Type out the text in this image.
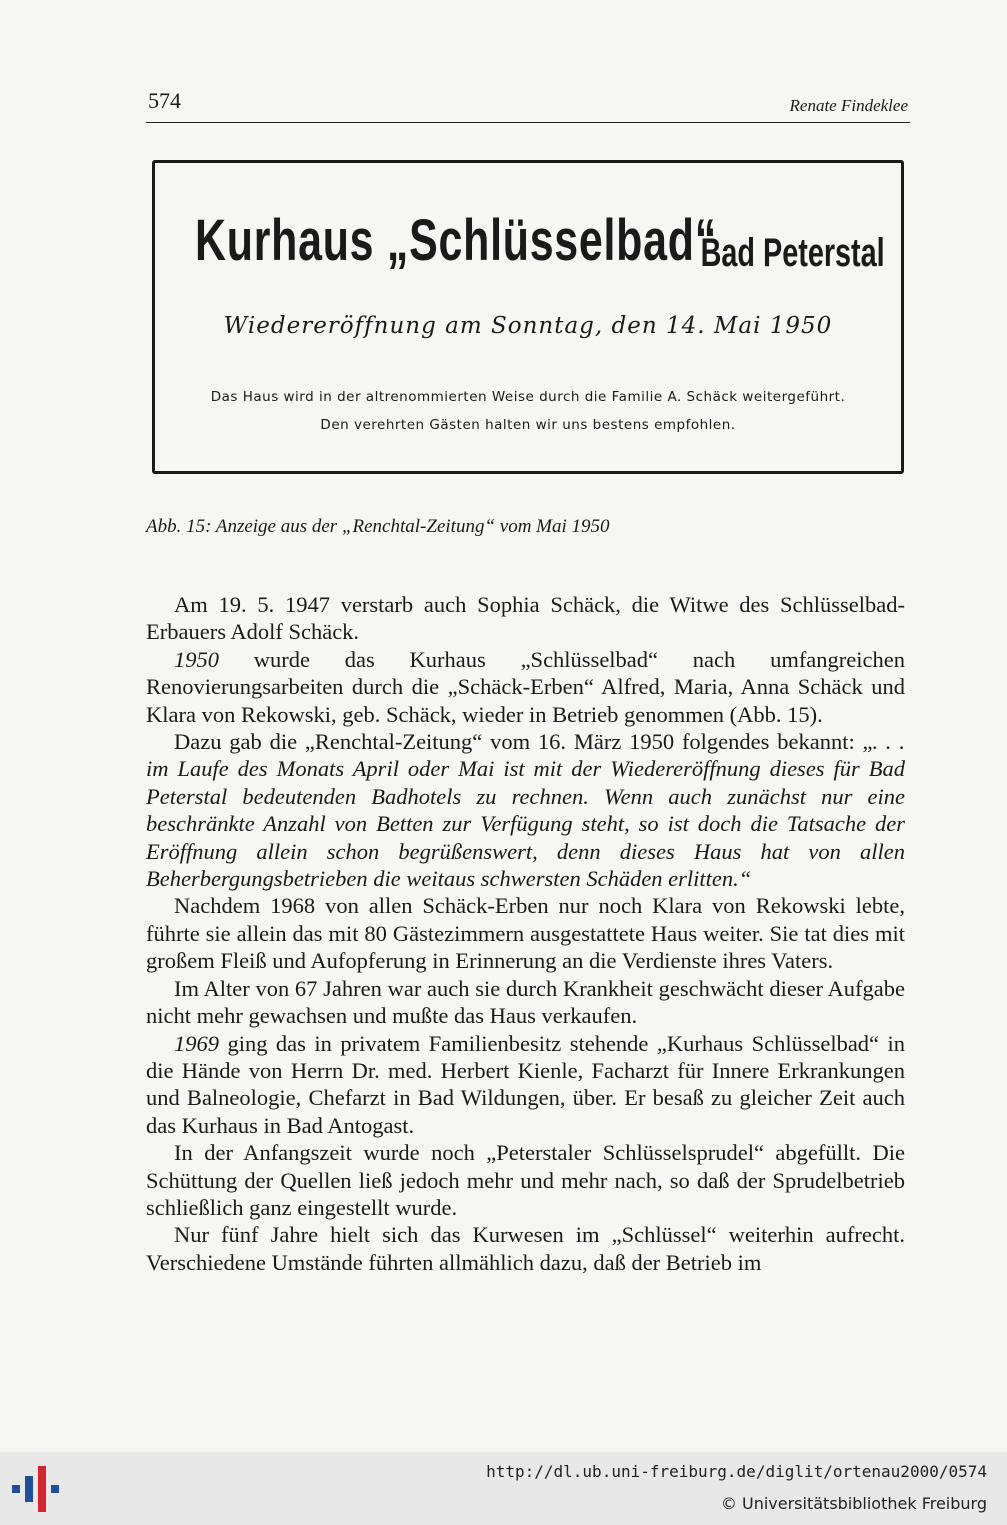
574	Renate Findeklee
Kurhaus „Schlüsselbad“
Bad Peterstal
Wiedereröffnung am Sonntag, den 14. Mai 1950
Das Haus wird in der altrenommierten Weise durch die Familie A. Schäck weitergeführt.
Den verehrten Gästen halten wir uns bestens empfohlen.
Abb. 15: Anzeige aus der „Renchtal-Zeitung“ vom Mai 1950

Am 19. 5. 1947 verstarb auch Sophia Schäck, die Witwe des Schlüsselbad-Erbauers Adolf Schäck.

1950 wurde das Kurhaus „Schlüsselbad“ nach umfangreichen Renovierungsarbeiten durch die „Schäck-Erben“ Alfred, Maria, Anna Schäck und Klara von Rekowski, geb. Schäck, wieder in Betrieb genommen (Abb. 15).

Dazu gab die „Renchtal-Zeitung“ vom 16. März 1950 folgendes bekannt: „. . . im Laufe des Monats April oder Mai ist mit der Wiedereröffnung dieses für Bad Peterstal bedeutenden Badhotels zu rechnen. Wenn auch zunächst nur eine beschränkte Anzahl von Betten zur Verfügung steht, so ist doch die Tatsache der Eröffnung allein schon begrüßenswert, denn dieses Haus hat von allen Beherbergungsbetrieben die weitaus schwersten Schäden erlitten.“

Nachdem 1968 von allen Schäck-Erben nur noch Klara von Rekowski lebte, führte sie allein das mit 80 Gästezimmern ausgestattete Haus weiter. Sie tat dies mit großem Fleiß und Aufopferung in Erinnerung an die Verdienste ihres Vaters.

Im Alter von 67 Jahren war auch sie durch Krankheit geschwächt dieser Aufgabe nicht mehr gewachsen und mußte das Haus verkaufen.

1969 ging das in privatem Familienbesitz stehende „Kurhaus Schlüsselbad“ in die Hände von Herrn Dr. med. Herbert Kienle, Facharzt für Innere Erkrankungen und Balneologie, Chefarzt in Bad Wildungen, über. Er besaß zu gleicher Zeit auch das Kurhaus in Bad Antogast.

In der Anfangszeit wurde noch „Peterstaler Schlüsselsprudel“ abgefüllt. Die Schüttung der Quellen ließ jedoch mehr und mehr nach, so daß der Sprudelbetrieb schließlich ganz eingestellt wurde.

Nur fünf Jahre hielt sich das Kurwesen im „Schlüssel“ weiterhin aufrecht. Verschiedene Umstände führten allmählich dazu, daß der Betrieb im

http://dl.ub.uni-freiburg.de/diglit/ortenau2000/0574
© Universitätsbibliothek Freiburg
